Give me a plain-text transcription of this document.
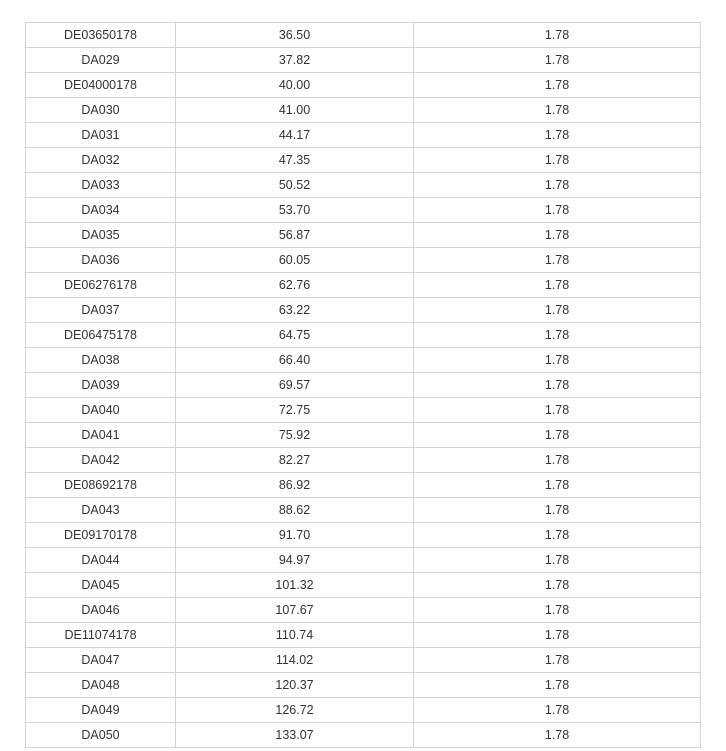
DE03650178	36.50	1.78
DA029	37.82	1.78
DE04000178	40.00	1.78
DA030	41.00	1.78
DA031	44.17	1.78
DA032	47.35	1.78
DA033	50.52	1.78
DA034	53.70	1.78
DA035	56.87	1.78
DA036	60.05	1.78
DE06276178	62.76	1.78
DA037	63.22	1.78
DE06475178	64.75	1.78
DA038	66.40	1.78
DA039	69.57	1.78
DA040	72.75	1.78
DA041	75.92	1.78
DA042	82.27	1.78
DE08692178	86.92	1.78
DA043	88.62	1.78
DE09170178	91.70	1.78
DA044	94.97	1.78
DA045	101.32	1.78
DA046	107.67	1.78
DE11074178	110.74	1.78
DA047	114.02	1.78
DA048	120.37	1.78
DA049	126.72	1.78
DA050	133.07	1.78
